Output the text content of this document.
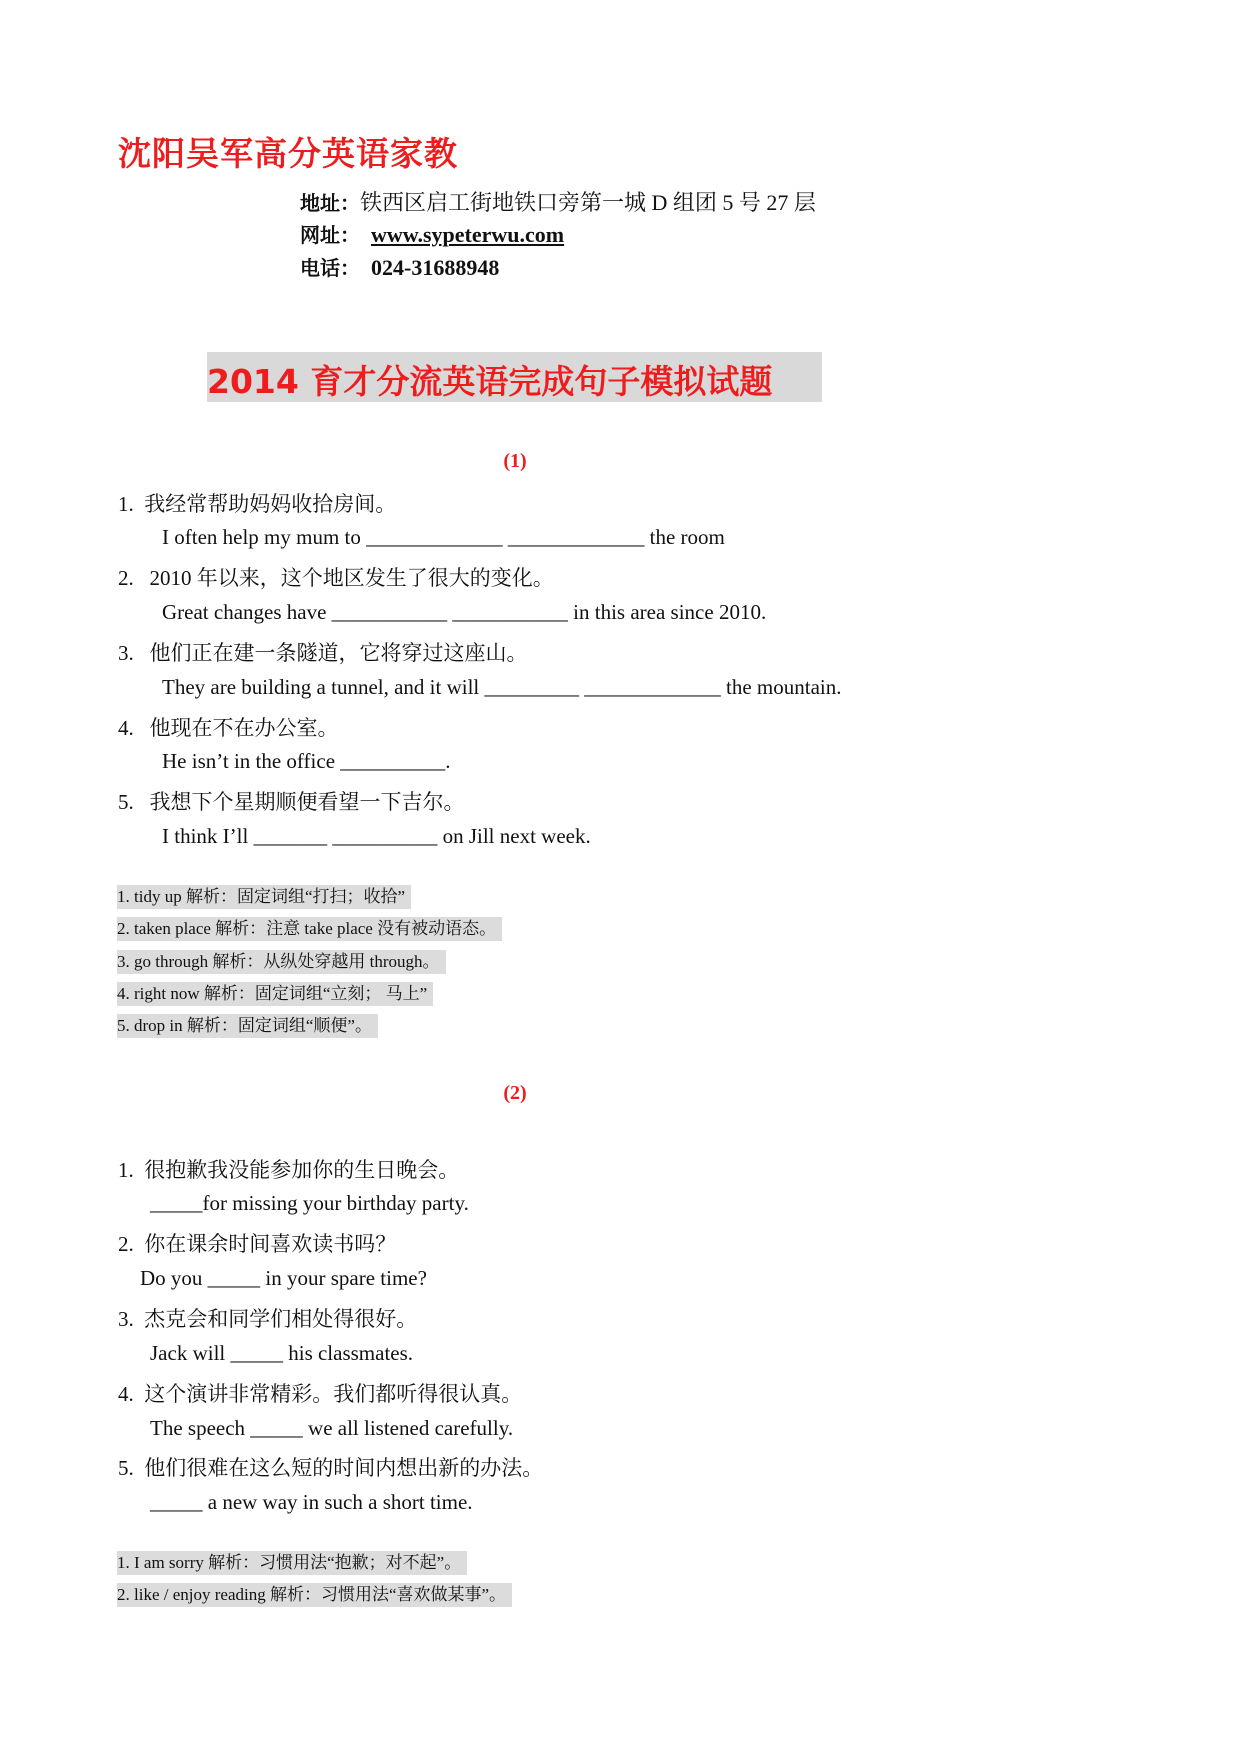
沈阳吴军高分英语家教
地址：铁西区启工街地铁口旁第一城 D 组团 5 号 27 层
网址： www.sypeterwu.com
电话： 024-31688948
2014 育才分流英语完成句子模拟试题
(1)
1. 我经常帮助妈妈收拾房间。
I often help my mum to _____________ _____________ the room
2. 2010 年以来，这个地区发生了很大的变化。
Great changes have ___________ ___________ in this area since 2010.
3. 他们正在建一条隧道，它将穿过这座山。
They are building a tunnel, and it will _________ _____________ the mountain.
4. 他现在不在办公室。
He isn’t in the office __________.
5. 我想下个星期顺便看望一下吉尔。
I think I’ll _______ __________ on Jill next week.
1. tidy up 解析：固定词组“打扫；收拾”
2. taken place 解析：注意 take place 没有被动语态。
3. go through 解析：从纵处穿越用 through。
4. right now 解析：固定词组“立刻； 马上”
5. drop in 解析：固定词组“顺便”。
(2)
1. 很抱歉我没能参加你的生日晚会。
_____for missing your birthday party.
2. 你在课余时间喜欢读书吗？
Do you _____ in your spare time?
3. 杰克会和同学们相处得很好。
Jack will _____ his classmates.
4. 这个演讲非常精彩。我们都听得很认真。
The speech _____ we all listened carefully.
5. 他们很难在这么短的时间内想出新的办法。
_____ a new way in such a short time.
1. I am sorry 解析：习惯用法“抱歉；对不起”。
2. like / enjoy reading 解析：习惯用法“喜欢做某事”。
